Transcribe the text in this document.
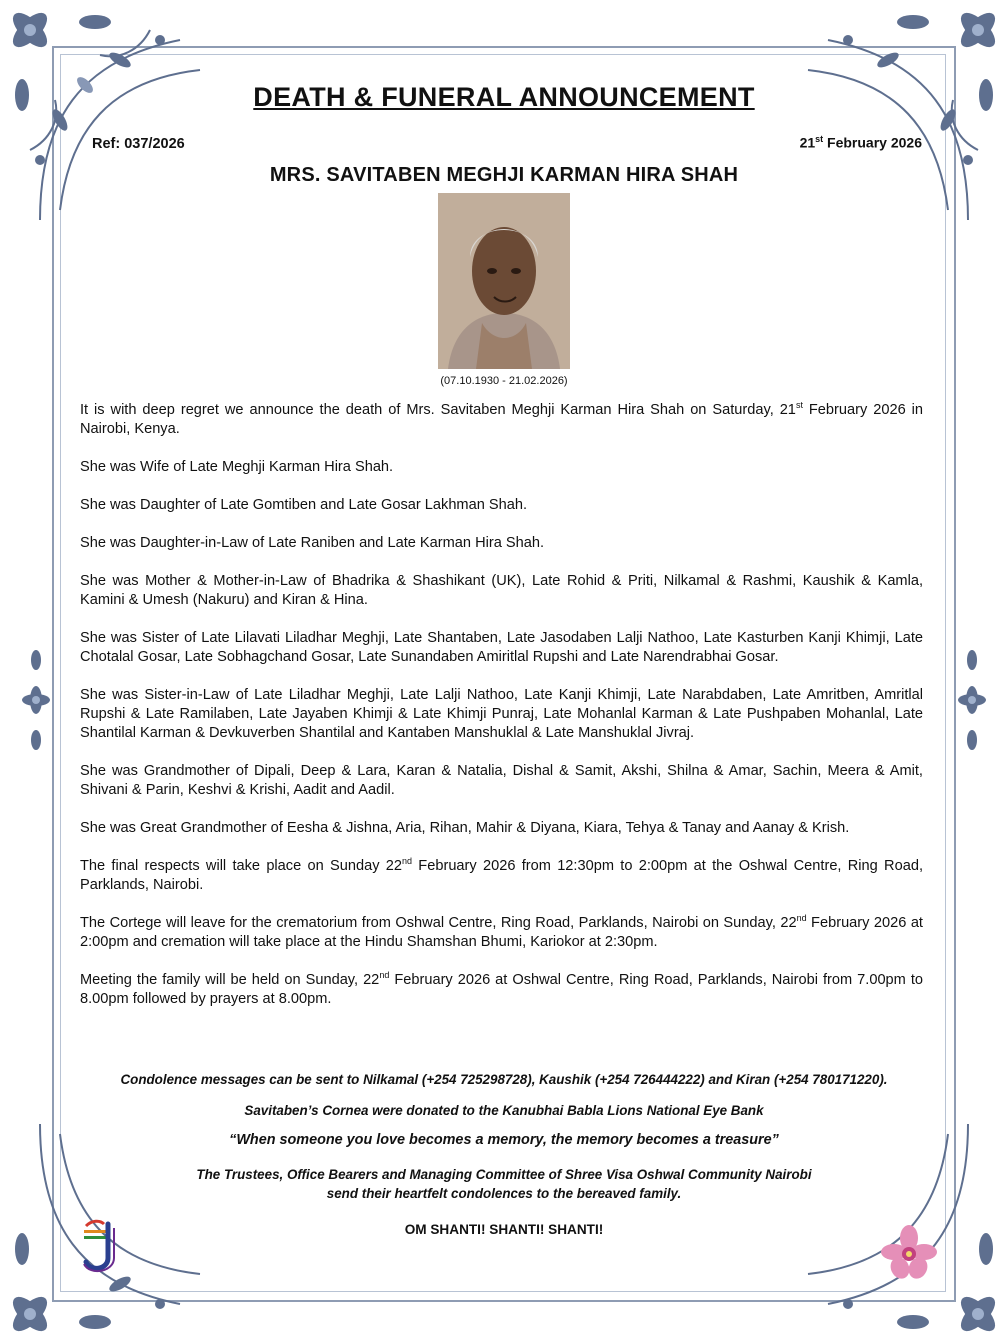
DEATH & FUNERAL ANNOUNCEMENT
Ref: 037/2026	21st February 2026
MRS. SAVITABEN MEGHJI KARMAN HIRA SHAH
(07.10.1930 - 21.02.2026)

It is with deep regret we announce the death of Mrs. Savitaben Meghji Karman Hira Shah on Saturday, 21st February 2026 in Nairobi, Kenya.

She was Wife of Late Meghji Karman Hira Shah.

She was Daughter of Late Gomtiben and Late Gosar Lakhman Shah.

She was Daughter-in-Law of Late Raniben and Late Karman Hira Shah.

She was Mother & Mother-in-Law of Bhadrika & Shashikant (UK), Late Rohid & Priti, Nilkamal & Rashmi, Kaushik & Kamla, Kamini & Umesh (Nakuru) and Kiran & Hina.

She was Sister of Late Lilavati Liladhar Meghji, Late Shantaben, Late Jasodaben Lalji Nathoo, Late Kasturben Kanji Khimji, Late Chotalal Gosar, Late Sobhagchand Gosar, Late Sunandaben Amiritlal Rupshi and Late Narendrabhai Gosar.

She was Sister-in-Law of Late Liladhar Meghji, Late Lalji Nathoo, Late Kanji Khimji, Late Narabdaben, Late Amritben, Amritlal Rupshi & Late Ramilaben, Late Jayaben Khimji & Late Khimji Punraj, Late Mohanlal Karman & Late Pushpaben Mohanlal, Late Shantilal Karman & Devkuverben Shantilal and Kantaben Manshuklal & Late Manshuklal Jivraj.

She was Grandmother of Dipali, Deep & Lara, Karan & Natalia, Dishal & Samit, Akshi, Shilna & Amar, Sachin, Meera & Amit, Shivani & Parin, Keshvi & Krishi, Aadit and Aadil.

She was Great Grandmother of Eesha & Jishna, Aria, Rihan, Mahir & Diyana, Kiara, Tehya & Tanay and Aanay & Krish.

The final respects will take place on Sunday 22nd February 2026 from 12:30pm to 2:00pm at the Oshwal Centre, Ring Road, Parklands, Nairobi.

The Cortege will leave for the crematorium from Oshwal Centre, Ring Road, Parklands, Nairobi on Sunday, 22nd February 2026 at 2:00pm and cremation will take place at the Hindu Shamshan Bhumi, Kariokor at 2:30pm.

Meeting the family will be held on Sunday, 22nd February 2026 at Oshwal Centre, Ring Road, Parklands, Nairobi from 7.00pm to 8.00pm followed by prayers at 8.00pm.

Condolence messages can be sent to Nilkamal (+254 725298728), Kaushik (+254 726444222) and Kiran (+254 780171220).
Savitaben’s Cornea were donated to the Kanubhai Babla Lions National Eye Bank
“When someone you love becomes a memory, the memory becomes a treasure”
The Trustees, Office Bearers and Managing Committee of Shree Visa Oshwal Community Nairobi
send their heartfelt condolences to the bereaved family.
OM SHANTI! SHANTI! SHANTI!
